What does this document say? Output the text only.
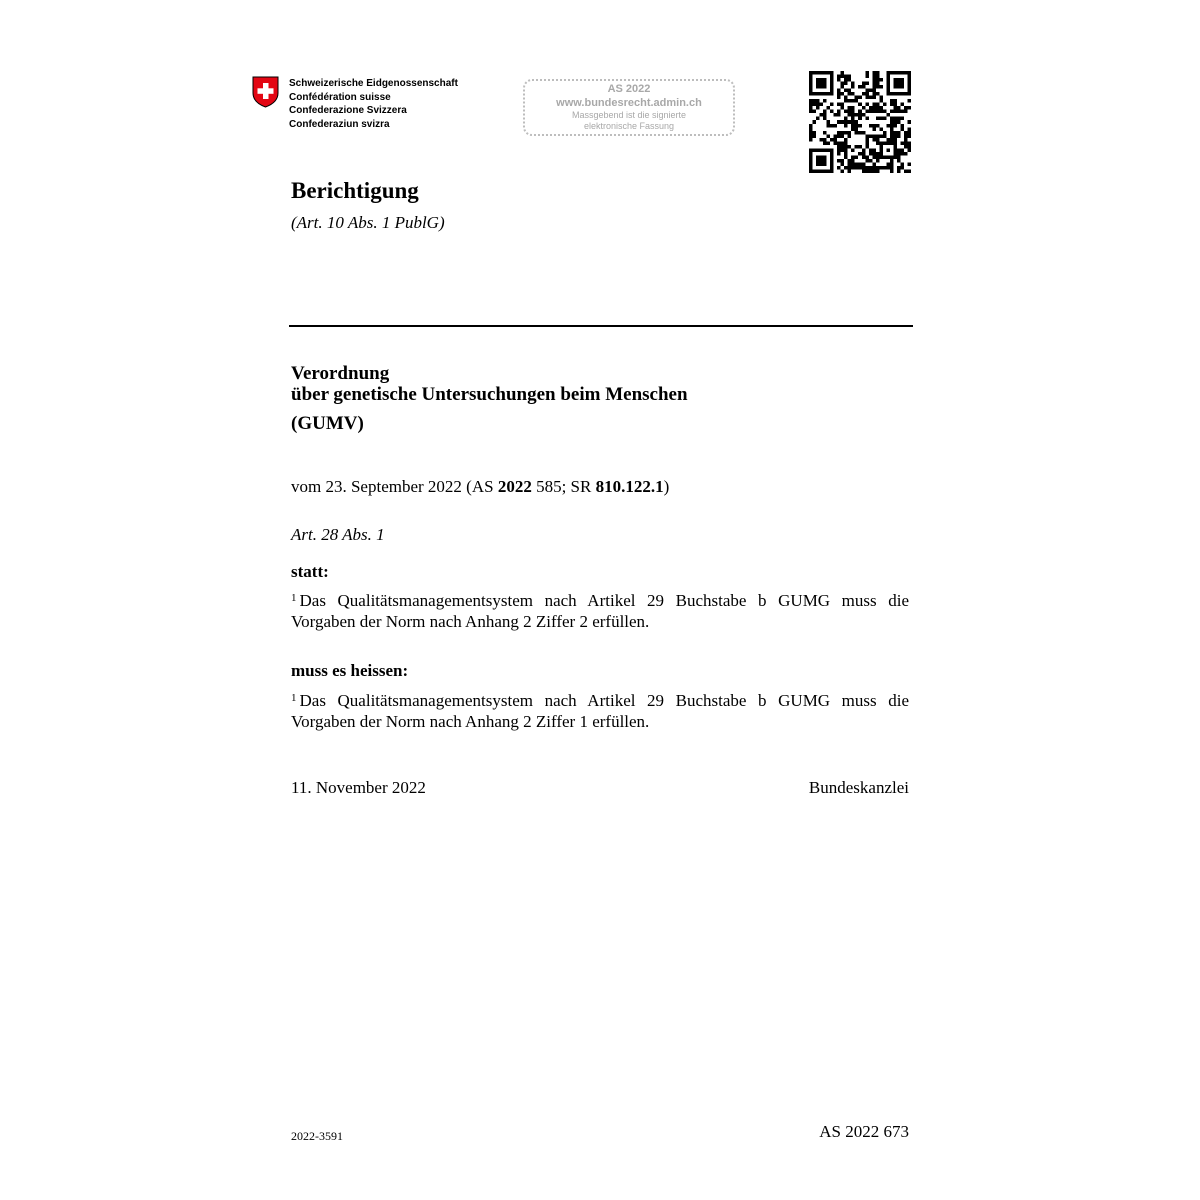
Schweizerische Eidgenossenschaft
Confédération suisse
Confederazione Svizzera
Confederaziun svizra
AS 2022
www.bundesrecht.admin.ch
Massgebend ist die signierte
elektronische Fassung
Berichtigung
(Art. 10 Abs. 1 PublG)
Verordnung
über genetische Untersuchungen beim Menschen
(GUMV)
vom 23. September 2022 (AS 2022 585; SR 810.122.1)
Art. 28 Abs. 1
statt:
$^1$ Das Qualitätsmanagementsystem nach Artikel 29 Buchstabe b GUMG muss die Vorgaben der Norm nach Anhang 2 Ziffer 2 erfüllen.
muss es heissen:
$^1$ Das Qualitätsmanagementsystem nach Artikel 29 Buchstabe b GUMG muss die Vorgaben der Norm nach Anhang 2 Ziffer 1 erfüllen.
11. November 2022	Bundeskanzlei
2022-3591	AS 2022 673
